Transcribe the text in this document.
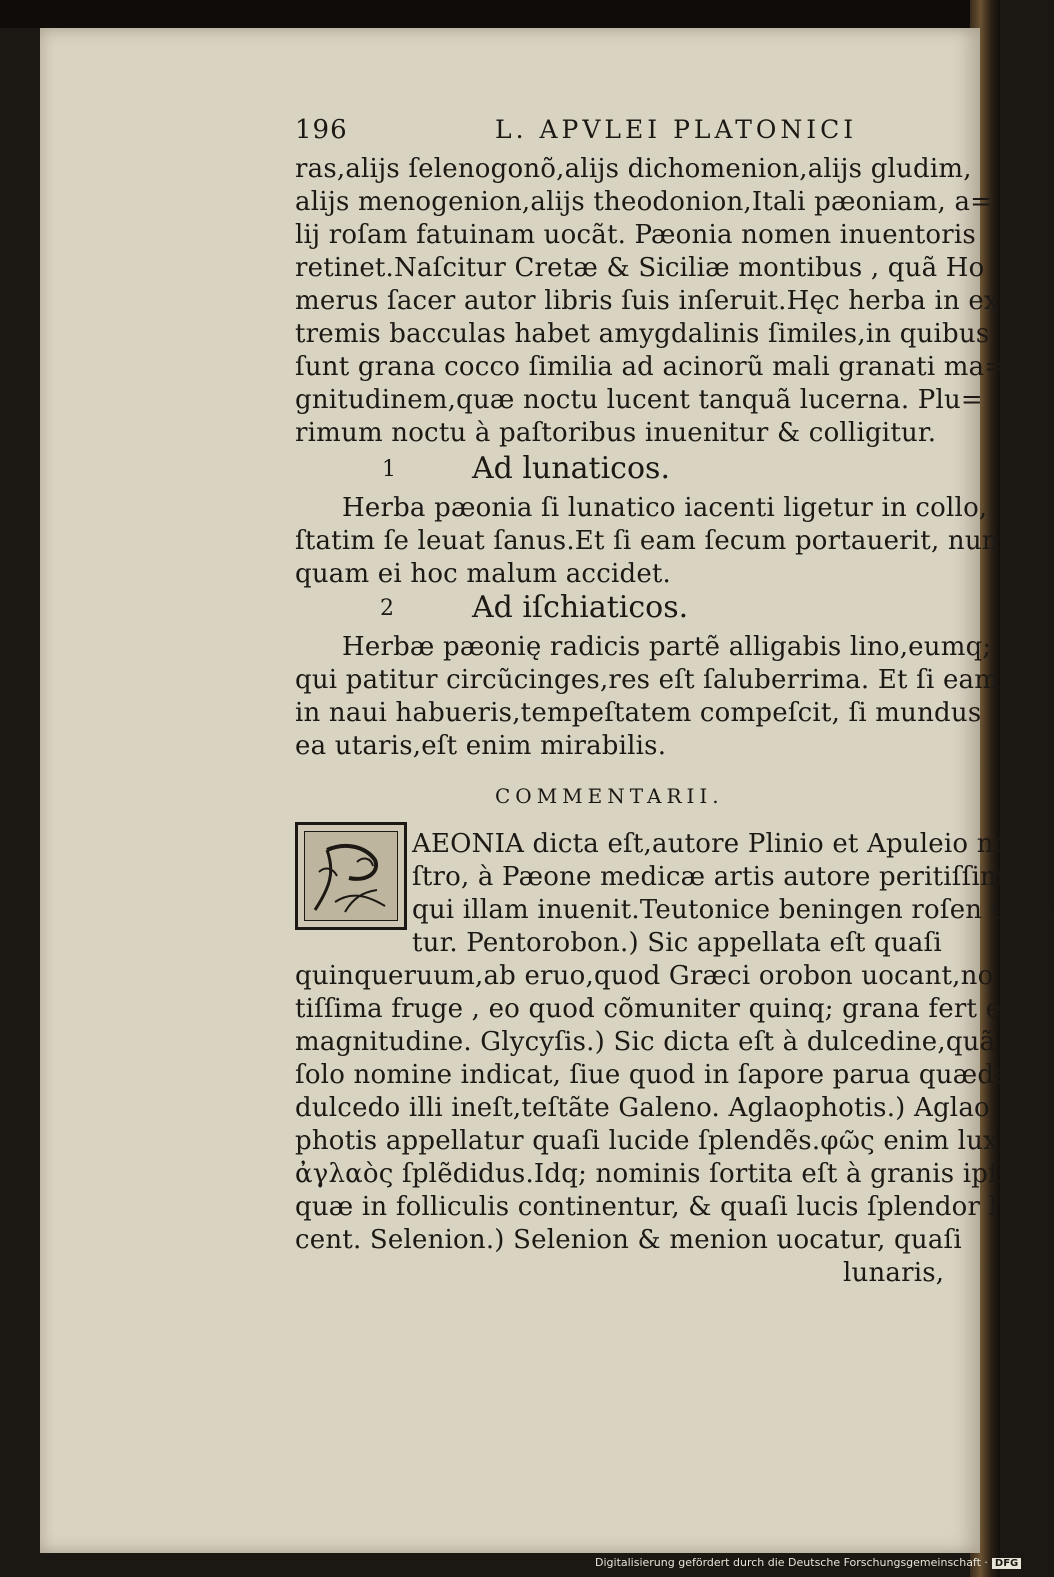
196	L. APVLEI PLATONICI
ras,aliјs ſelenogonõ,aliјs dichomenion,aliјs gludim,
aliјs menogenion,aliјs theodonion,Itali pæoniam, a=
liј roſam fatuinam uocãt. Pæonia nomen inuentoris
retinet.Naſcitur Cretæ & Siciliæ montibus , quã Ho
merus ſacer autor libris ſuis inſeruit.Hęc herba in ex
tremis bacculas habet amygdalinis ſimiles,in quibus
ſunt grana cocco ſimilia ad acinorũ mali granati ma=
gnitudinem,quæ noctu lucent tanquã lucerna. Plu=
rimum noctu à paſtoribus inuenitur & colligitur.
1	Ad lunaticos.
Herba pæonia ſi lunatico iacenti ligetur in collo,
ſtatim ſe leuat ſanus.Et ſi eam ſecum portauerit, nun
quam ei hoc malum accidet.
2	Ad iſchiaticos.
Herbæ pæonię radicis partẽ alligabis lino,eumq;
qui patitur circũcinges,res eſt ſaluberrima. Et ſi eam
in naui habueris,tempeſtatem compeſcit, ſi mundus
ea utaris,eſt enim mirabilis.
COMMENTARII.
AEONIA dicta eſt,autore Plinio et Apuleio no
ſtro, à Pæone medicæ artis autore peritiſſimo,
qui illam inuenit.Teutonice beningen roſen uoca
tur. Pentorobon.) Sic appellata eſt quaſi
quinqueruum,ab eruo,quod Græci orobon uocant,no
tiſſima fruge , eo quod cõmuniter quinq; grana fert erui
magnitudine. Glycyſis.) Sic dicta eſt à dulcedine,quã
ſolo nomine indicat, ſiue quod in ſapore parua quædam
dulcedo illi ineſt,teſtãte Galeno. Aglaophotis.) Aglao
photis appellatur quaſi lucide ſplendẽs.φῶς enim lux eſt,
ἀγλαὸς ſplẽdidus.Idq; nominis ſortita eſt à granis ipſius
quæ in folliculis continentur, & quaſi lucis ſplendor lu-
cent. Selenion.) Selenion & menion uocatur, quaſi
lunaris,
Digitalisierung gefördert durch die Deutsche Forschungsgemeinschaft · DFG
